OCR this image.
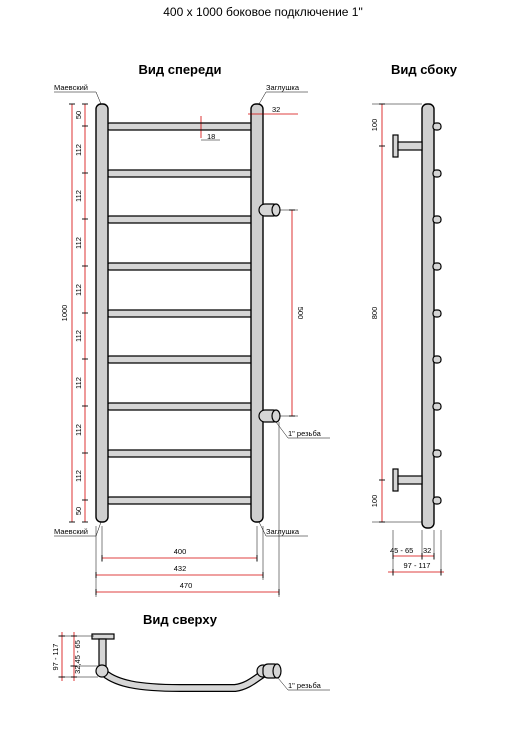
400 х 1000 боковое подключение 1"
Вид спереди	Вид сбоку
Вид сверху
Маевский	Заглушка
Маевский	Заглушка
1" резьба
32
18
50
112
112
112
112
112
112
112
112
50
1000	500
400
432
470
100
800
100
45 - 65 32
97 - 117
1" резьба
97 - 117 32,45 - 65
